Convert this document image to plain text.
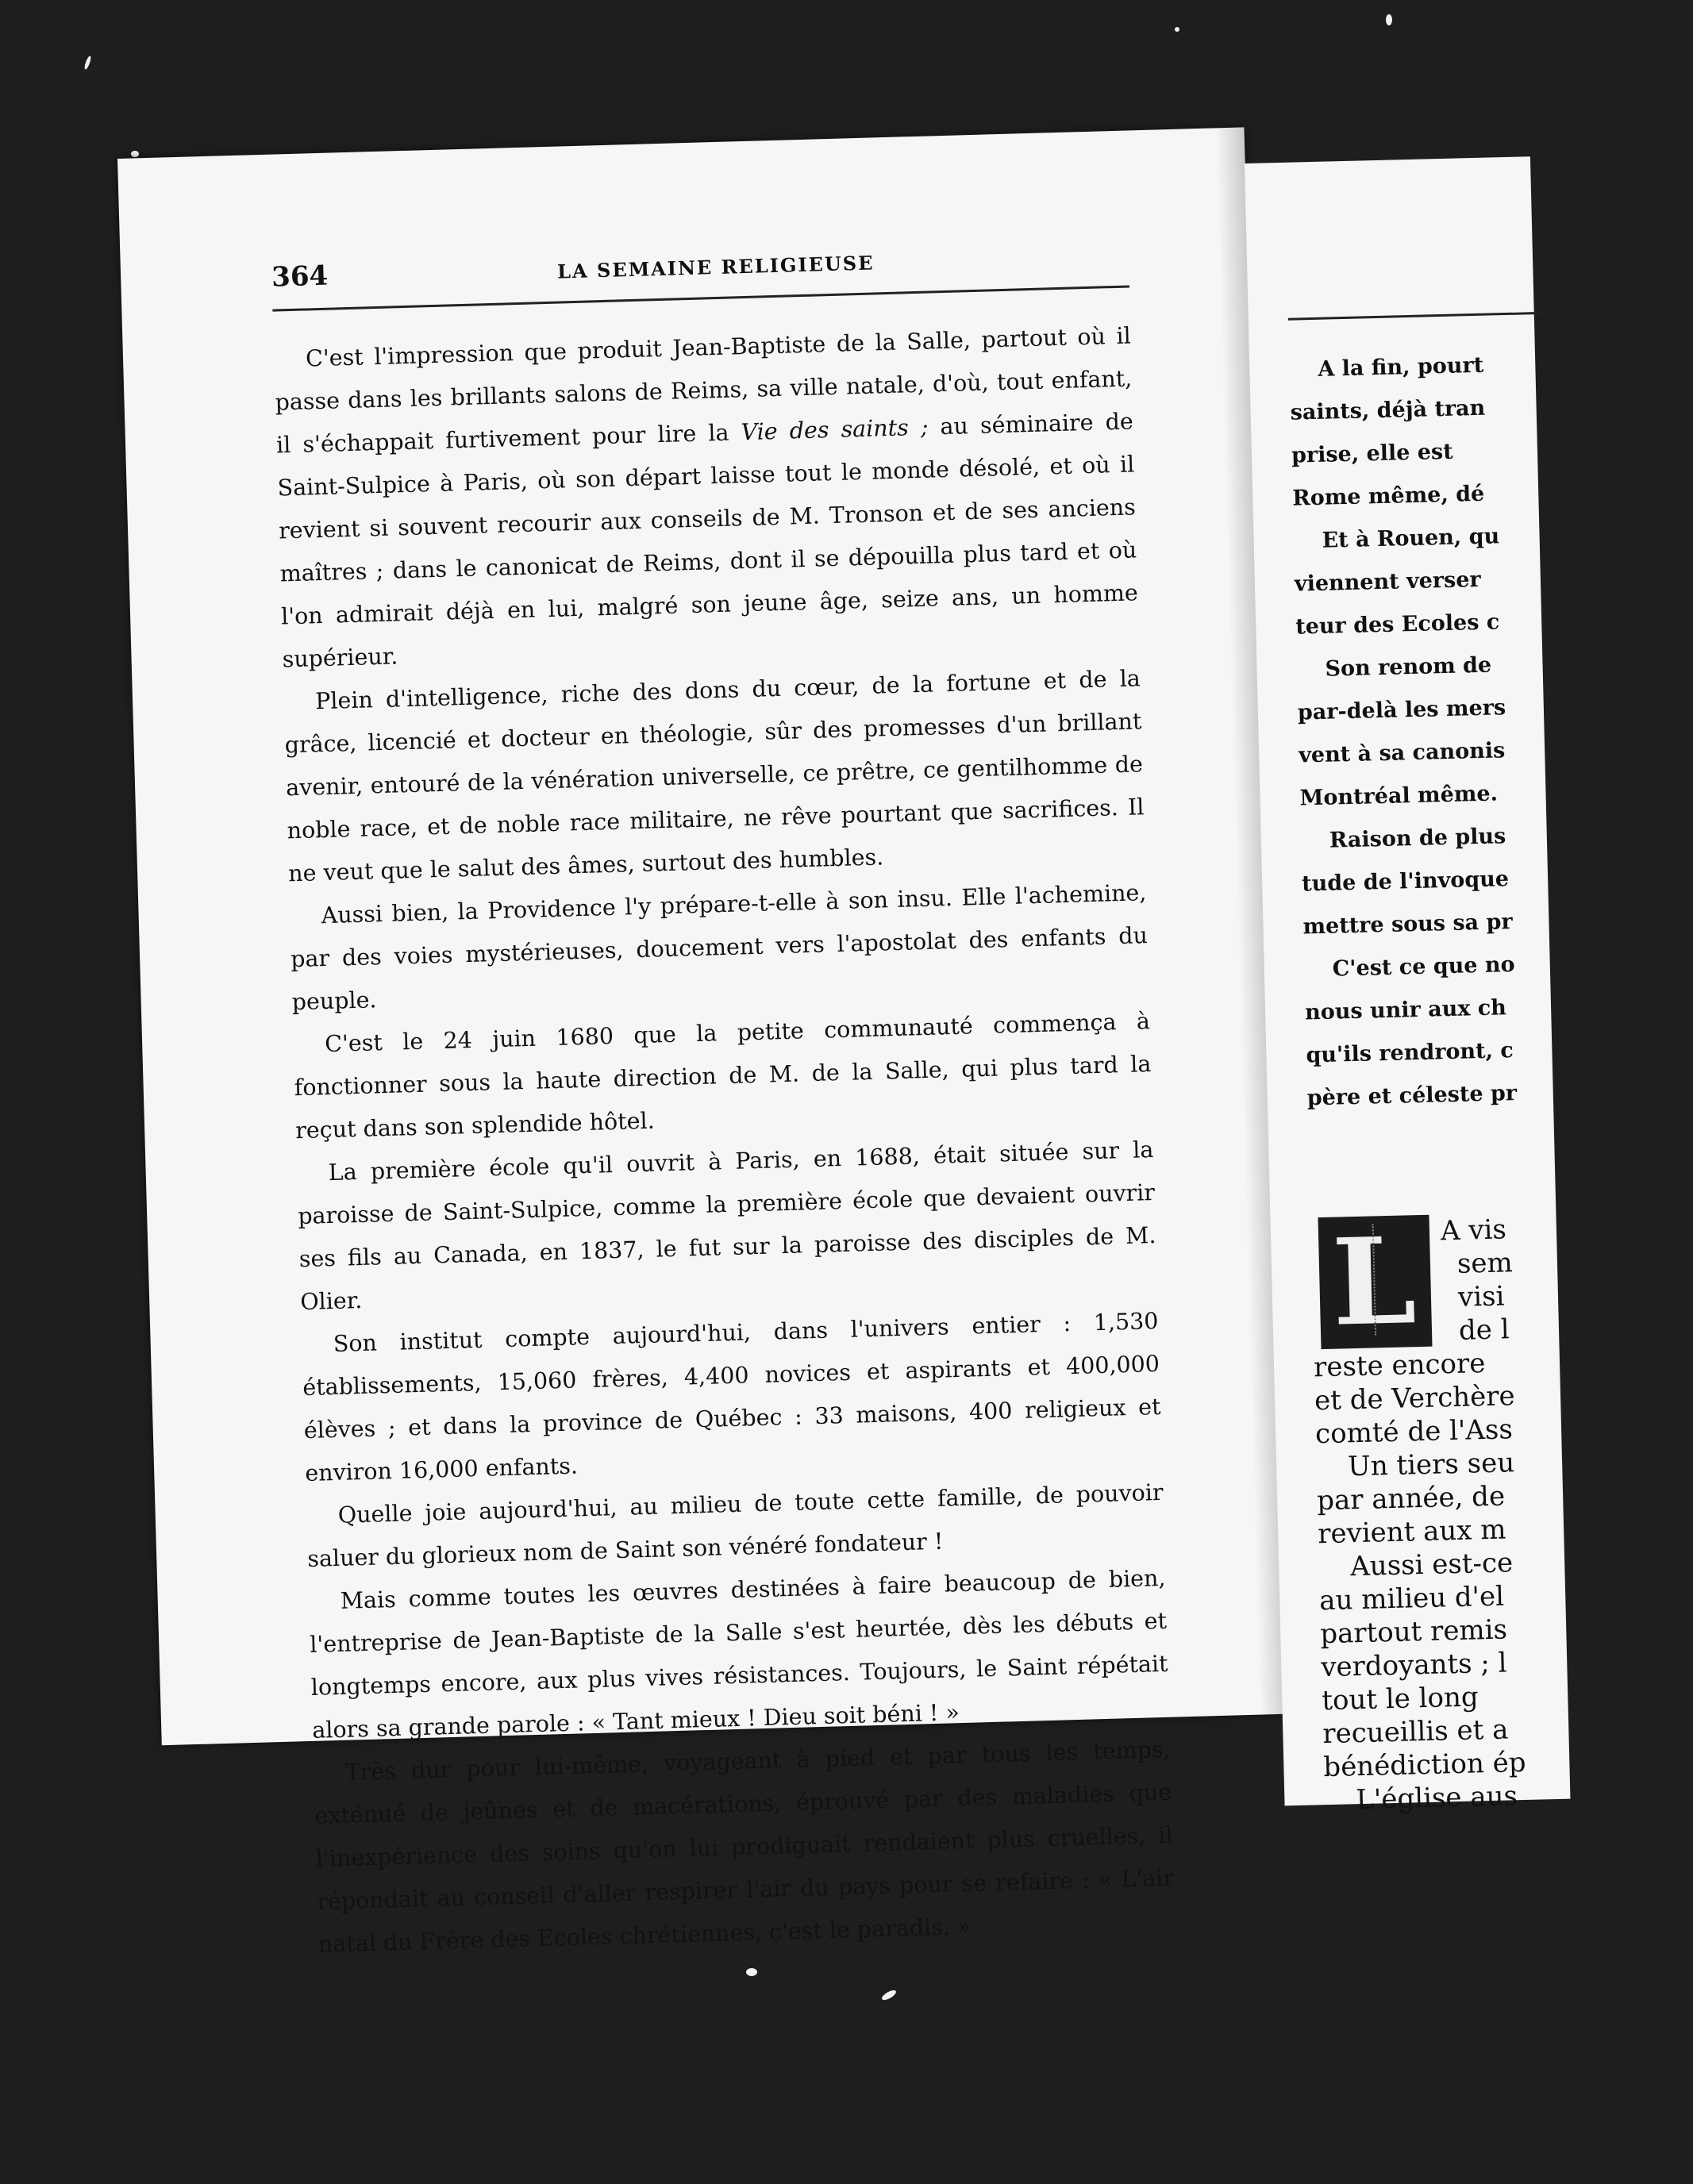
364	LA SEMAINE RELIGIEUSE

C'est l'impression que produit Jean-Baptiste de la Salle, partout où il passe dans les brillants salons de Reims, sa ville natale, d'où, tout enfant, il s'échappait furtivement pour lire la Vie des saints ; au séminaire de Saint-Sulpice à Paris, où son départ laisse tout le monde désolé, et où il revient si souvent recourir aux conseils de M. Tronson et de ses anciens maîtres ; dans le canonicat de Reims, dont il se dépouilla plus tard et où l'on admirait déjà en lui, malgré son jeune âge, seize ans, un homme supérieur.

Plein d'intelligence, riche des dons du cœur, de la fortune et de la grâce, licencié et docteur en théologie, sûr des promesses d'un brillant avenir, entouré de la vénération universelle, ce prêtre, ce gentilhomme de noble race, et de noble race militaire, ne rêve pourtant que sacrifices. Il ne veut que le salut des âmes, surtout des humbles.

Aussi bien, la Providence l'y prépare-t-elle à son insu. Elle l'achemine, par des voies mystérieuses, doucement vers l'apostolat des enfants du peuple.

C'est le 24 juin 1680 que la petite communauté commença à fonctionner sous la haute direction de M. de la Salle, qui plus tard la reçut dans son splendide hôtel.

La première école qu'il ouvrit à Paris, en 1688, était située sur la paroisse de Saint-Sulpice, comme la première école que devaient ouvrir ses fils au Canada, en 1837, le fut sur la paroisse des disciples de M. Olier.

Son institut compte aujourd'hui, dans l'univers entier : 1,530 établissements, 15,060 frères, 4,400 novices et aspirants et 400,000 élèves ; et dans la province de Québec : 33 maisons, 400 religieux et environ 16,000 enfants.

Quelle joie aujourd'hui, au milieu de toute cette famille, de pouvoir saluer du glorieux nom de Saint son vénéré fondateur !

Mais comme toutes les œuvres destinées à faire beaucoup de bien, l'entreprise de Jean-Baptiste de la Salle s'est heurtée, dès les débuts et longtemps encore, aux plus vives résistances. Toujours, le Saint répétait alors sa grande parole : « Tant mieux ! Dieu soit béni ! »

Très dur pour lui-même, voyageant à pied et par tous les temps, exténué de jeûnes et de macérations, éprouvé par des maladies que l'inexpérience des soins qu'on lui prodiguait rendaient plus cruelles, il répondait au conseil d'aller respirer l'air du pays pour se refaire : « L'air natal du Frère des Ecoles chrétiennes, c'est le paradis. »

A la fin, pourt
saints, déjà tran
prise, elle est
Rome même, dé
Et à Rouen, qu
viennent verser
teur des Ecoles c
Son renom de
par-delà les mers
vent à sa canonis
Montréal même.
Raison de plus
tude de l'invoque
mettre sous sa pr
C'est ce que no
nous unir aux ch
qu'ils rendront, c
père et céleste pr
L A vis
sem
visi
de l
reste encore
et de Verchère
comté de l'Ass
Un tiers seu
par année, de
revient aux m
Aussi est-ce
au milieu d'el
partout remis
verdoyants ; l
tout le long
recueillis et a
bénédiction ép
L'église aus
